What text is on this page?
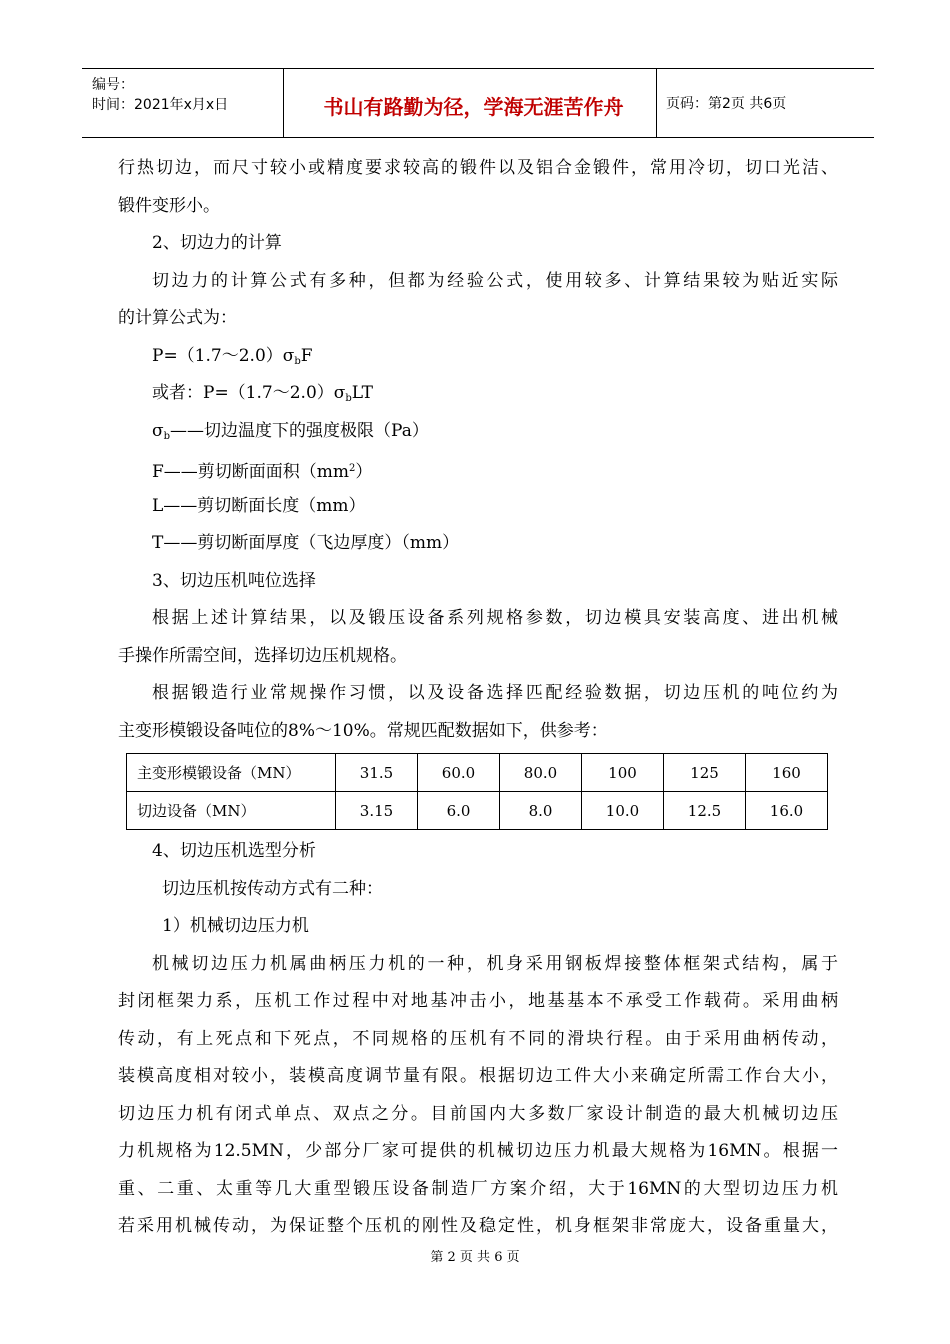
编号：
时间：2021年x月x日	书山有路勤为径，学海无涯苦作舟	页码：第2页 共6页
行热切边，而尺寸较小或精度要求较高的锻件以及铝合金锻件，常用冷切，切口光洁、
锻件变形小。
2、切边力的计算
切边力的计算公式有多种，但都为经验公式，使用较多、计算结果较为贴近实际
的计算公式为：
$P=(1.7\sim 2.0)\sigma_bF$
或者：$P=(1.7\sim 2.0)\sigma_bLT$
$\sigma_b——$切边温度下的强度极限（Pa）
F——剪切断面面积$(mm^2)$
L——剪切断面长度（mm）
T——剪切断面厚度（飞边厚度）（mm）
3、切边压机吨位选择
根据上述计算结果，以及锻压设备系列规格参数，切边模具安装高度、进出机械
手操作所需空间，选择切边压机规格。
根据锻造行业常规操作习惯，以及设备选择匹配经验数据，切边压机的吨位约为
主变形模锻设备吨位的8%～10%。常规匹配数据如下，供参考：
主变形模锻设备（MN）	31.5	60.0	80.0	100	125	160
切边设备（MN）	3.15	6.0	8.0	10.0	12.5	16.0
4、切边压机选型分析
切边压机按传动方式有二种：
1）机械切边压力机
机械切边压力机属曲柄压力机的一种，机身采用钢板焊接整体框架式结构，属于
封闭框架力系，压机工作过程中对地基冲击小，地基基本不承受工作载荷。采用曲柄
传动，有上死点和下死点，不同规格的压机有不同的滑块行程。由于采用曲柄传动，
装模高度相对较小，装模高度调节量有限。根据切边工件大小来确定所需工作台大小，
切边压力机有闭式单点、双点之分。目前国内大多数厂家设计制造的最大机械切边压
力机规格为12.5MN，少部分厂家可提供的机械切边压力机最大规格为16MN。根据一
重、二重、太重等几大重型锻压设备制造厂方案介绍，大于16MN的大型切边压力机
若采用机械传动，为保证整个压机的刚性及稳定性，机身框架非常庞大，设备重量大，
第 2 页 共 6 页
